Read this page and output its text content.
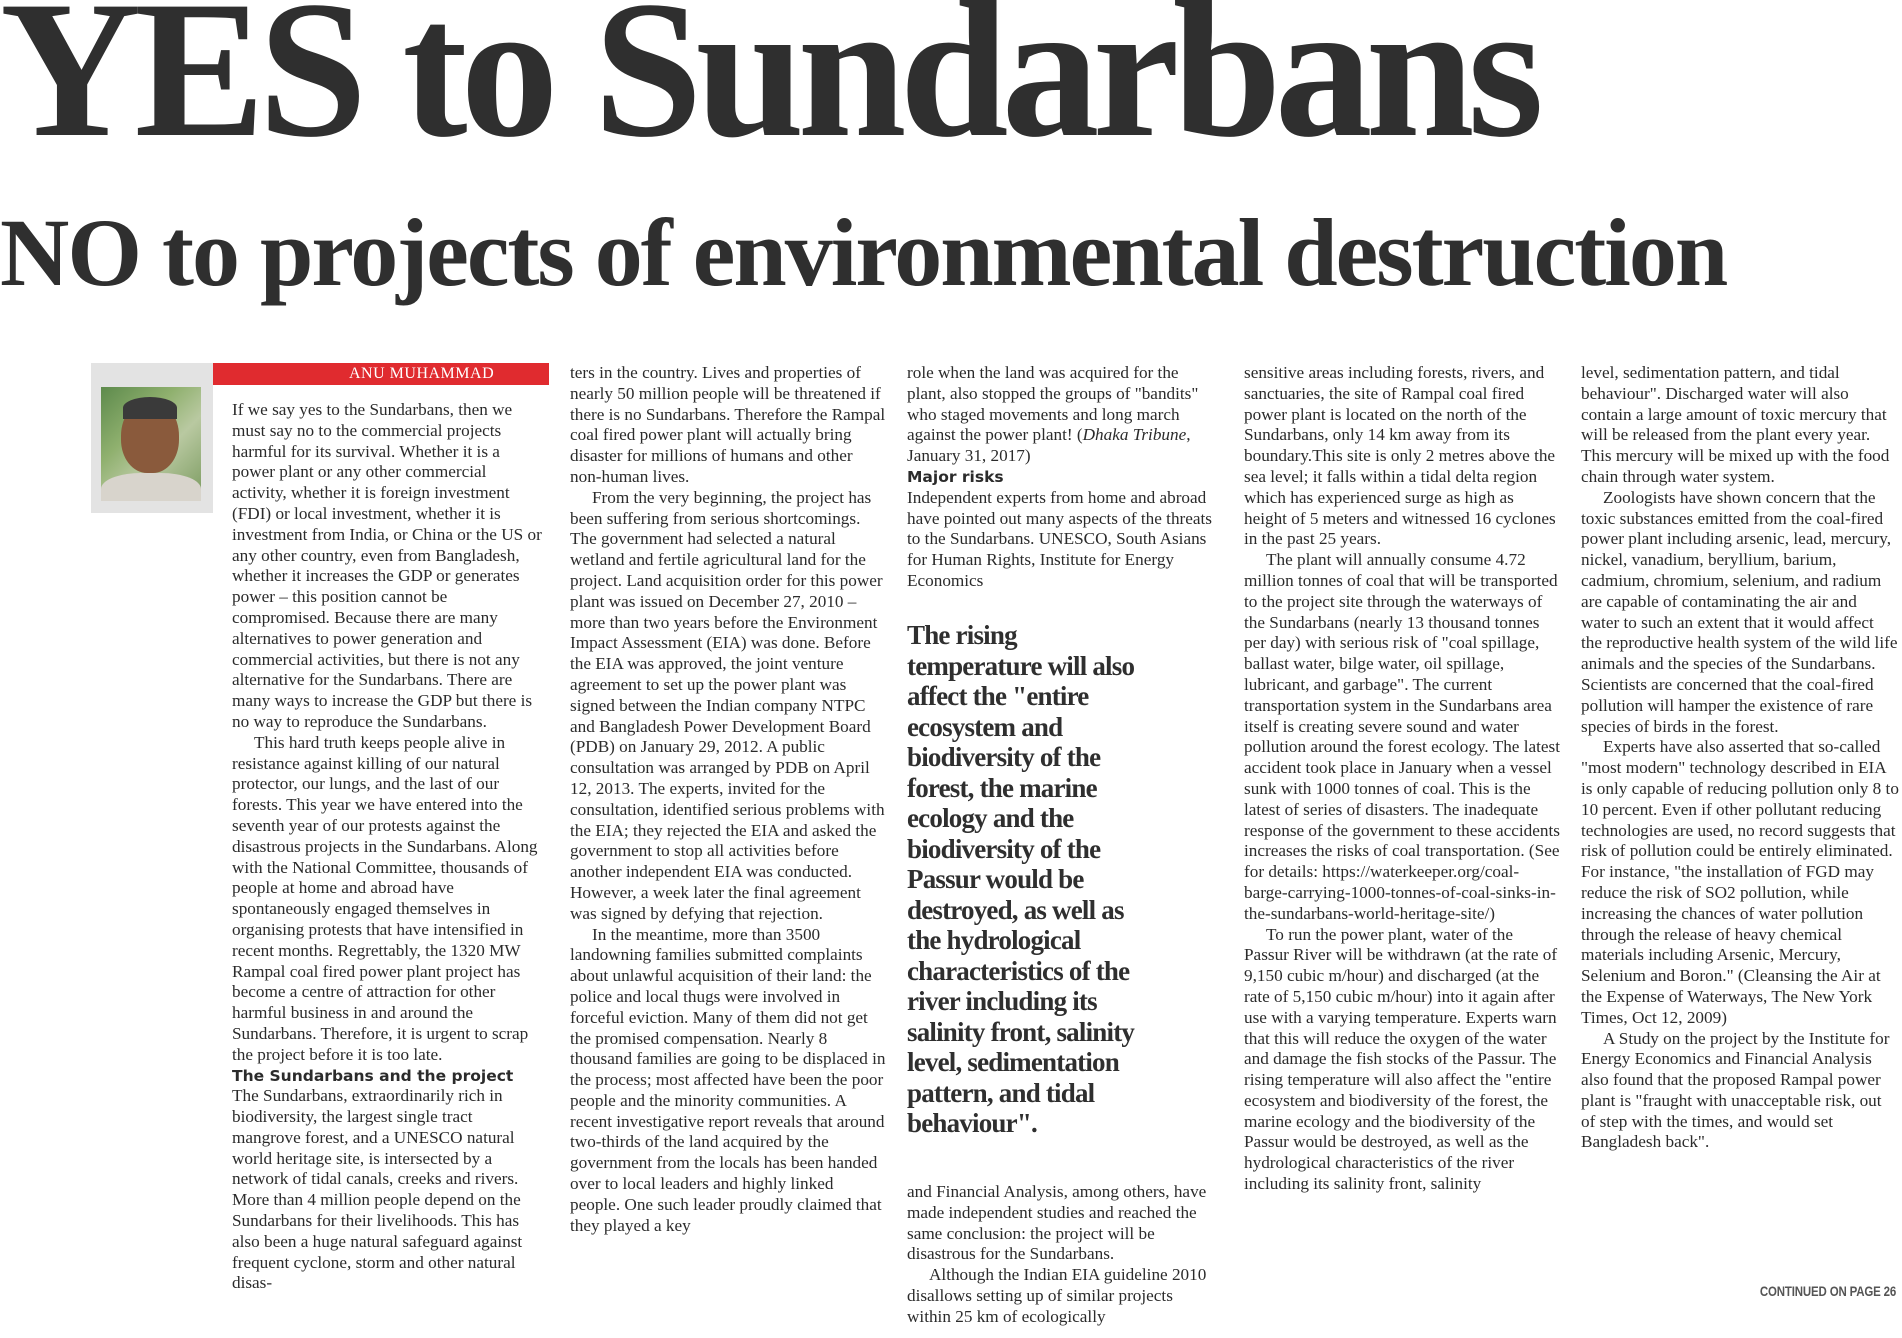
YES to Sundarbans
NO to projects of environmental destruction
ANU MUHAMMAD

If we say yes to the Sundarbans, then we must say no to the commercial projects harmful for its survival. Whether it is a power plant or any other commercial activity, whether it is foreign investment (FDI) or local investment, whether it is investment from India, or China or the US or any other country, even from Bangladesh, whether it increases the GDP or generates power – this position cannot be compromised. Because there are many alternatives to power generation and commercial activities, but there is not any alternative for the Sundarbans. There are many ways to increase the GDP but there is no way to reproduce the Sundarbans.

This hard truth keeps people alive in resistance against killing of our natural protector, our lungs, and the last of our forests. This year we have entered into the seventh year of our protests against the disastrous projects in the Sundarbans. Along with the National Committee, thousands of people at home and abroad have spontaneously engaged themselves in organising protests that have intensified in recent months. Regrettably, the 1320 MW Rampal coal fired power plant project has become a centre of attraction for other harmful business in and around the Sundarbans. Therefore, it is urgent to scrap the project before it is too late.

The Sundarbans and the project

The Sundarbans, extraordinarily rich in biodiversity, the largest single tract mangrove forest, and a UNESCO natural world heritage site, is intersected by a network of tidal canals, creeks and rivers. More than 4 million people depend on the Sundarbans for their livelihoods. This has also been a huge natural safeguard against frequent cyclone, storm and other natural disas-

ters in the country. Lives and properties of nearly 50 million people will be threatened if there is no Sundarbans. Therefore the Rampal coal fired power plant will actually bring disaster for millions of humans and other non-human lives.

From the very beginning, the project has been suffering from serious shortcomings. The government had selected a natural wetland and fertile agricultural land for the project. Land acquisition order for this power plant was issued on December 27, 2010 – more than two years before the Environment Impact Assessment (EIA) was done. Before the EIA was approved, the joint venture agreement to set up the power plant was signed between the Indian company NTPC and Bangladesh Power Development Board (PDB) on January 29, 2012. A public consultation was arranged by PDB on April 12, 2013. The experts, invited for the consultation, identified serious problems with the EIA; they rejected the EIA and asked the government to stop all activities before another independent EIA was conducted. However, a week later the final agreement was signed by defying that rejection.

In the meantime, more than 3500 landowning families submitted complaints about unlawful acquisition of their land: the police and local thugs were involved in forceful eviction. Many of them did not get the promised compensation. Nearly 8 thousand families are going to be displaced in the process; most affected have been the poor people and the minority communities. A recent investigative report reveals that around two-thirds of the land acquired by the government from the locals has been handed over to local leaders and highly linked people. One such leader proudly claimed that they played a key

role when the land was acquired for the plant, also stopped the groups of "bandits" who staged movements and long march against the power plant! (Dhaka Tribune, January 31, 2017)

Major risks

Independent experts from home and abroad have pointed out many aspects of the threats to the Sundarbans. UNESCO, South Asians for Human Rights, Institute for Energy Economics

The rising temperature will also affect the "entire ecosystem and biodiversity of the forest, the marine ecology and the biodiversity of the Passur would be destroyed, as well as the hydrological characteristics of the river including its salinity front, salinity level, sedimentation pattern, and tidal behaviour".

and Financial Analysis, among others, have made independent studies and reached the same conclusion: the project will be disastrous for the Sundarbans.

Although the Indian EIA guideline 2010 disallows setting up of similar projects within 25 km of ecologically

sensitive areas including forests, rivers, and sanctuaries, the site of Rampal coal fired power plant is located on the north of the Sundarbans, only 14 km away from its boundary.This site is only 2 metres above the sea level; it falls within a tidal delta region which has experienced surge as high as height of 5 meters and witnessed 16 cyclones in the past 25 years.

The plant will annually consume 4.72 million tonnes of coal that will be transported to the project site through the waterways of the Sundarbans (nearly 13 thousand tonnes per day) with serious risk of "coal spillage, ballast water, bilge water, oil spillage, lubricant, and garbage". The current transportation system in the Sundarbans area itself is creating severe sound and water pollution around the forest ecology. The latest accident took place in January when a vessel sunk with 1000 tonnes of coal. This is the latest of series of disasters. The inadequate response of the government to these accidents increases the risks of coal transportation. (See for details: https://waterkeeper.org/coal-barge-carrying-1000-tonnes-of-coal-sinks-in-the-sundarbans-world-heritage-site/)

To run the power plant, water of the Passur River will be withdrawn (at the rate of 9,150 cubic m/hour) and discharged (at the rate of 5,150 cubic m/hour) into it again after use with a varying temperature. Experts warn that this will reduce the oxygen of the water and damage the fish stocks of the Passur. The rising temperature will also affect the "entire ecosystem and biodiversity of the forest, the marine ecology and the biodiversity of the Passur would be destroyed, as well as the hydrological characteristics of the river including its salinity front, salinity

level, sedimentation pattern, and tidal behaviour". Discharged water will also contain a large amount of toxic mercury that will be released from the plant every year. This mercury will be mixed up with the food chain through water system.

Zoologists have shown concern that the toxic substances emitted from the coal-fired power plant including arsenic, lead, mercury, nickel, vanadium, beryllium, barium, cadmium, chromium, selenium, and radium are capable of contaminating the air and water to such an extent that it would affect the reproductive health system of the wild life animals and the species of the Sundarbans. Scientists are concerned that the coal-fired pollution will hamper the existence of rare species of birds in the forest.

Experts have also asserted that so-called "most modern" technology described in EIA is only capable of reducing pollution only 8 to 10 percent. Even if other pollutant reducing technologies are used, no record suggests that risk of pollution could be entirely eliminated. For instance, "the installation of FGD may reduce the risk of SO2 pollution, while increasing the chances of water pollution through the release of heavy chemical materials including Arsenic, Mercury, Selenium and Boron." (Cleansing the Air at the Expense of Waterways, The New York Times, Oct 12, 2009)

A Study on the project by the Institute for Energy Economics and Financial Analysis also found that the proposed Rampal power plant is "fraught with unacceptable risk, out of step with the times, and would set Bangladesh back".

CONTINUED ON PAGE 26
